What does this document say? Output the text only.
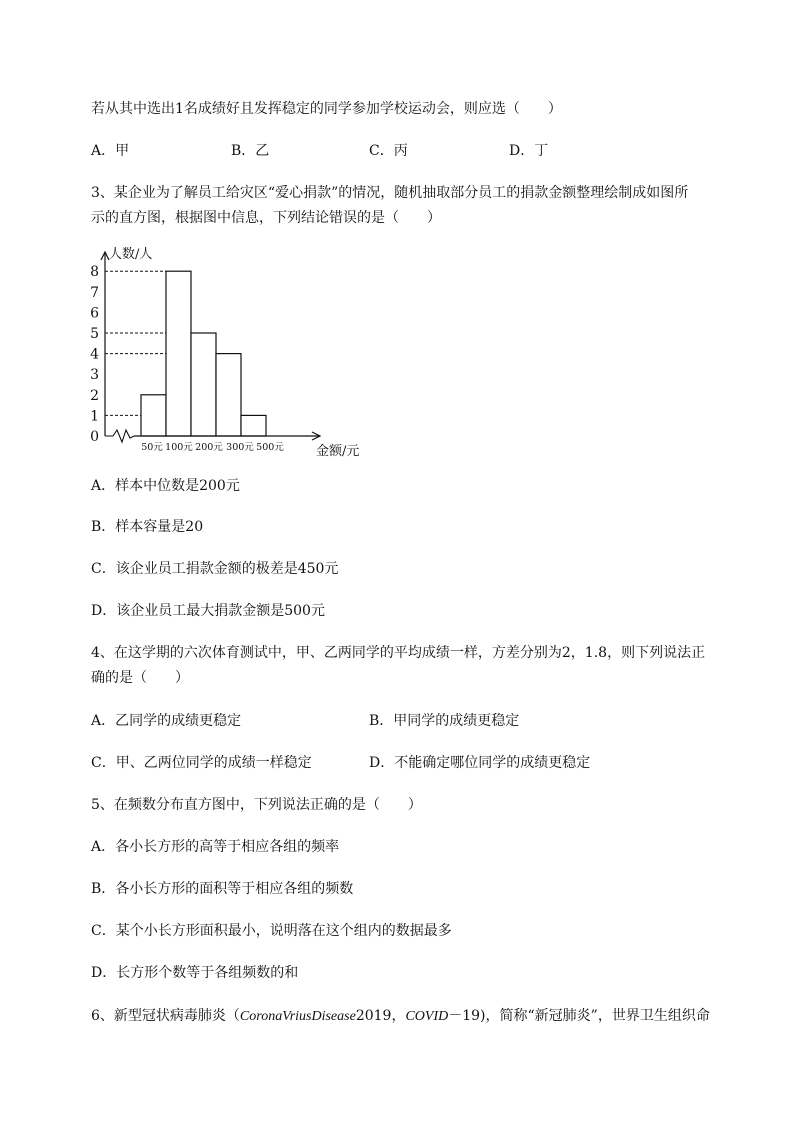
若从其中选出1名成绩好且发挥稳定的同学参加学校运动会，则应选（　　）
A．甲	B．乙	C．丙	D．丁
3、某企业为了解员工给灾区“爱心捐款”的情况，随机抽取部分员工的捐款金额整理绘制成如图所
示的直方图，根据图中信息，下列结论错误的是（　　）
0
1
2
3
4
5
6
7
8
50元 100元 200元 300元 500元
人数/人
金额/元
A．样本中位数是200元
B．样本容量是20
C．该企业员工捐款金额的极差是450元
D．该企业员工最大捐款金额是500元
4、在这学期的六次体育测试中，甲、乙两同学的平均成绩一样，方差分别为2，1.8，则下列说法正
确的是（　　）
A．乙同学的成绩更稳定	B．甲同学的成绩更稳定
C．甲、乙两位同学的成绩一样稳定	D．不能确定哪位同学的成绩更稳定
5、在频数分布直方图中，下列说法正确的是（　　）
A．各小长方形的高等于相应各组的频率
B．各小长方形的面积等于相应各组的频数
C．某个小长方形面积最小，说明落在这个组内的数据最多
D．长方形个数等于各组频数的和
6、新型冠状病毒肺炎（CoronaVriusDisease2019，COVID－19)，简称“新冠肺炎”，世界卫生组织命
